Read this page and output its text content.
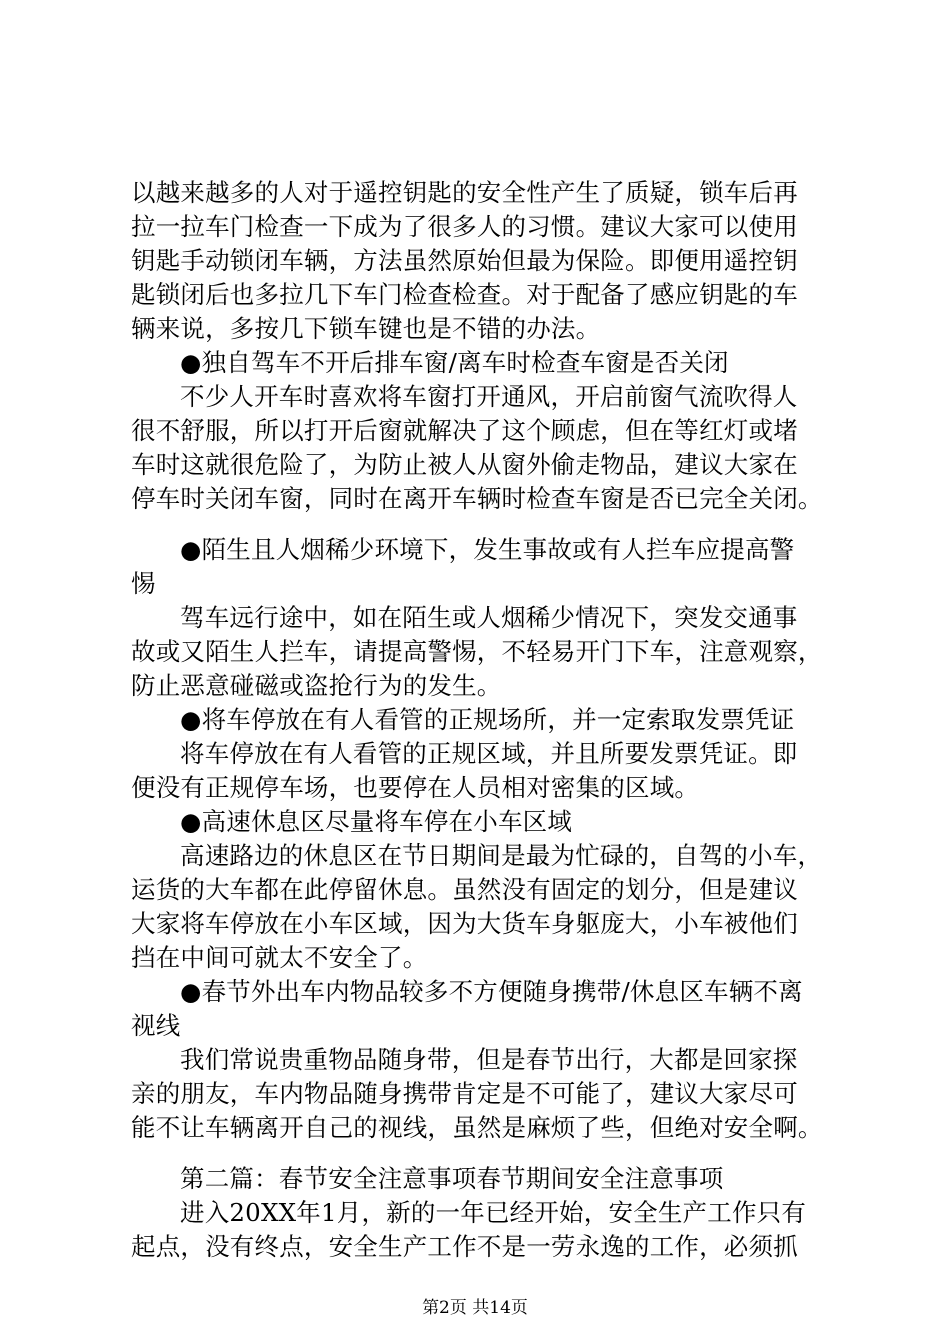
以越来越多的人对于遥控钥匙的安全性产生了质疑，锁车后再
拉一拉车门检查一下成为了很多人的习惯。建议大家可以使用
钥匙手动锁闭车辆，方法虽然原始但最为保险。即便用遥控钥
匙锁闭后也多拉几下车门检查检查。对于配备了感应钥匙的车
辆来说，多按几下锁车键也是不错的办法。
●独自驾车不开后排车窗/离车时检查车窗是否关闭
不少人开车时喜欢将车窗打开通风，开启前窗气流吹得人
很不舒服，所以打开后窗就解决了这个顾虑，但在等红灯或堵
车时这就很危险了，为防止被人从窗外偷走物品，建议大家在
停车时关闭车窗，同时在离开车辆时检查车窗是否已完全关闭。
●陌生且人烟稀少环境下，发生事故或有人拦车应提高警
惕
驾车远行途中，如在陌生或人烟稀少情况下，突发交通事
故或又陌生人拦车，请提高警惕，不轻易开门下车，注意观察，
防止恶意碰磁或盗抢行为的发生。
●将车停放在有人看管的正规场所，并一定索取发票凭证
将车停放在有人看管的正规区域，并且所要发票凭证。即
便没有正规停车场，也要停在人员相对密集的区域。
●高速休息区尽量将车停在小车区域
高速路边的休息区在节日期间是最为忙碌的，自驾的小车，
运货的大车都在此停留休息。虽然没有固定的划分，但是建议
大家将车停放在小车区域，因为大货车身躯庞大，小车被他们
挡在中间可就太不安全了。
●春节外出车内物品较多不方便随身携带/休息区车辆不离
视线
我们常说贵重物品随身带，但是春节出行，大都是回家探
亲的朋友，车内物品随身携带肯定是不可能了，建议大家尽可
能不让车辆离开自己的视线，虽然是麻烦了些，但绝对安全啊。
第二篇：春节安全注意事项春节期间安全注意事项
进入20XX年1月，新的一年已经开始，安全生产工作只有
起点，没有终点，安全生产工作不是一劳永逸的工作，必须抓
第2页 共14页
